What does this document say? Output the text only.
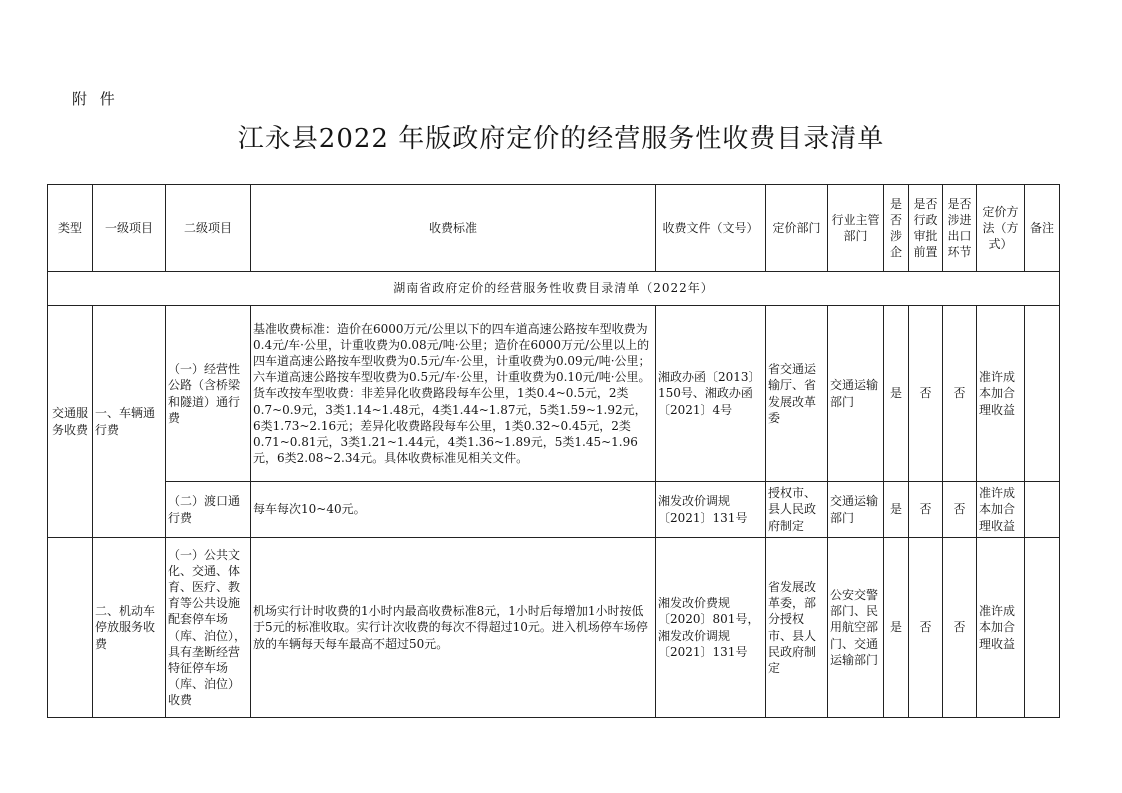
附 件
江永县2022 年版政府定价的经营服务性收费目录清单
类型	一级项目	二级项目	收费标准	收费文件（文号）	定价部门	行业主管部门	是否涉企	是否行政审批前置	是否涉进出口环节	定价方法（方式）	备注
湖南省政府定价的经营服务性收费目录清单（2022年）											
交通服务收费	一、车辆通行费	（一）经营性公路（含桥梁和隧道）通行费	基准收费标准：造价在6000万元/公里以下的四车道高速公路按车型收费为0.4元/车·公里，计重收费为0.08元/吨·公里；造价在6000万元/公里以上的四车道高速公路按车型收费为0.5元/车·公里，计重收费为0.09元/吨·公里；六车道高速公路按车型收费为0.5元/车·公里，计重收费为0.10元/吨·公里。货车改按车型收费：非差异化收费路段每车公里，1类0.4~0.5元，2类0.7~0.9元，3类1.14~1.48元，4类1.44~1.87元，5类1.59~1.92元，6类1.73~2.16元；差异化收费路段每车公里，1类0.32~0.45元，2类0.71~0.81元，3类1.21~1.44元，4类1.36~1.89元，5类1.45~1.96元，6类2.08~2.34元。具体收费标准见相关文件。	湘政办函〔2013〕150号、湘政办函〔2021〕4号	省交通运输厅、省发展改革委	交通运输部门	是	否	否	准许成本加合理收益	
		（二）渡口通行费	每车每次10~40元。	湘发改价调规〔2021〕131号	授权市、县人民政府制定	交通运输部门	是	否	否	准许成本加合理收益	
	二、机动车停放服务收费	（一）公共文化、交通、体育、医疗、教育等公共设施配套停车场（库、泊位），具有垄断经营特征停车场（库、泊位）收费	机场实行计时收费的1小时内最高收费标准8元，1小时后每增加1小时按低于5元的标准收取。实行计次收费的每次不得超过10元。进入机场停车场停放的车辆每天每车最高不超过50元。	湘发改价费规〔2020〕801号，湘发改价调规〔2021〕131号	省发展改革委，部分授权市、县人民政府制定	公安交警部门、民用航空部门、交通运输部门	是	否	否	准许成本加合理收益	
